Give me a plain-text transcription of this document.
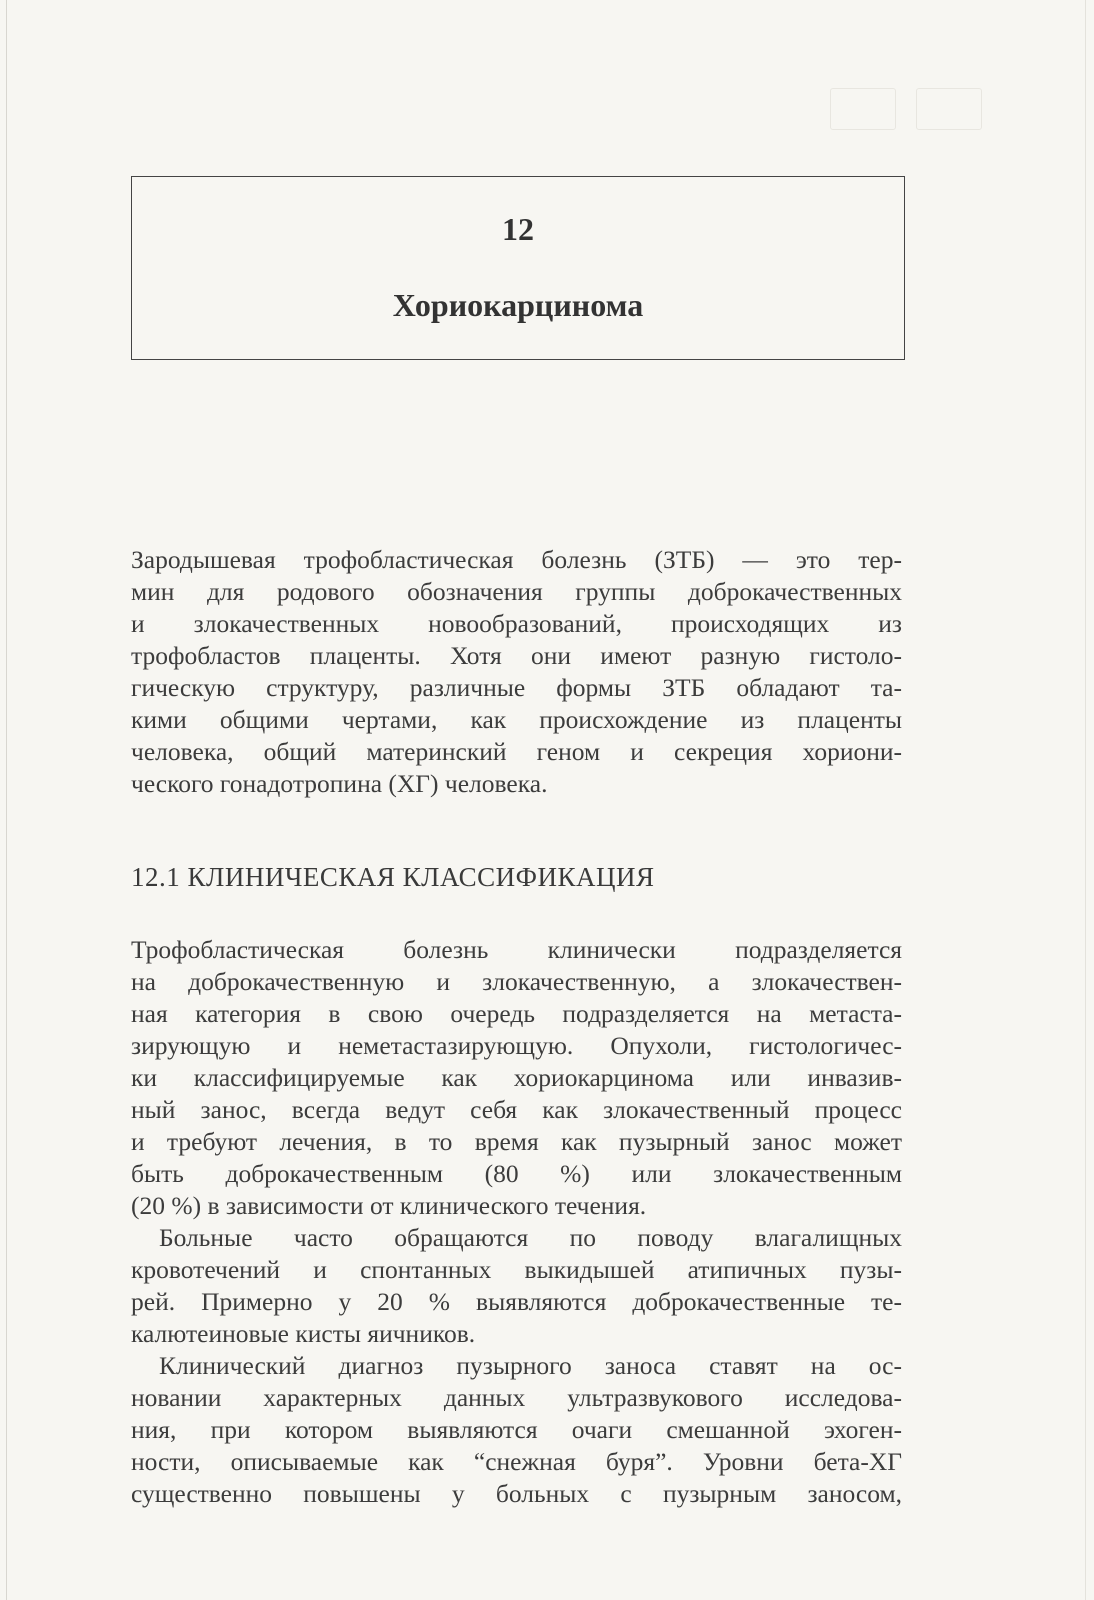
12
Хориокарцинома
Зародышевая трофобластическая болезнь (ЗТБ) — это тер-
мин для родового обозначения группы доброкачественных
и злокачественных новообразований, происходящих из
трофобластов плаценты. Хотя они имеют разную гистоло-
гическую структуру, различные формы ЗТБ обладают та-
кими общими чертами, как происхождение из плаценты
человека, общий материнский геном и секреция хориони-
ческого гонадотропина (ХГ) человека.
12.1 КЛИНИЧЕСКАЯ КЛАССИФИКАЦИЯ
Трофобластическая болезнь клинически подразделяется
на доброкачественную и злокачественную, а злокачествен-
ная категория в свою очередь подразделяется на метаста-
зирующую и неметастазирующую. Опухоли, гистологичес-
ки классифицируемые как хориокарцинома или инвазив-
ный занос, всегда ведут себя как злокачественный процесс
и требуют лечения, в то время как пузырный занос может
быть доброкачественным (80 %) или злокачественным
(20 %) в зависимости от клинического течения.
Больные часто обращаются по поводу влагалищных
кровотечений и спонтанных выкидышей атипичных пузы-
рей. Примерно у 20 % выявляются доброкачественные те-
калютеиновые кисты яичников.
Клинический диагноз пузырного заноса ставят на ос-
новании характерных данных ультразвукового исследова-
ния, при котором выявляются очаги смешанной эхоген-
ности, описываемые как “снежная буря”. Уровни бета-ХГ
существенно повышены у больных с пузырным заносом,
